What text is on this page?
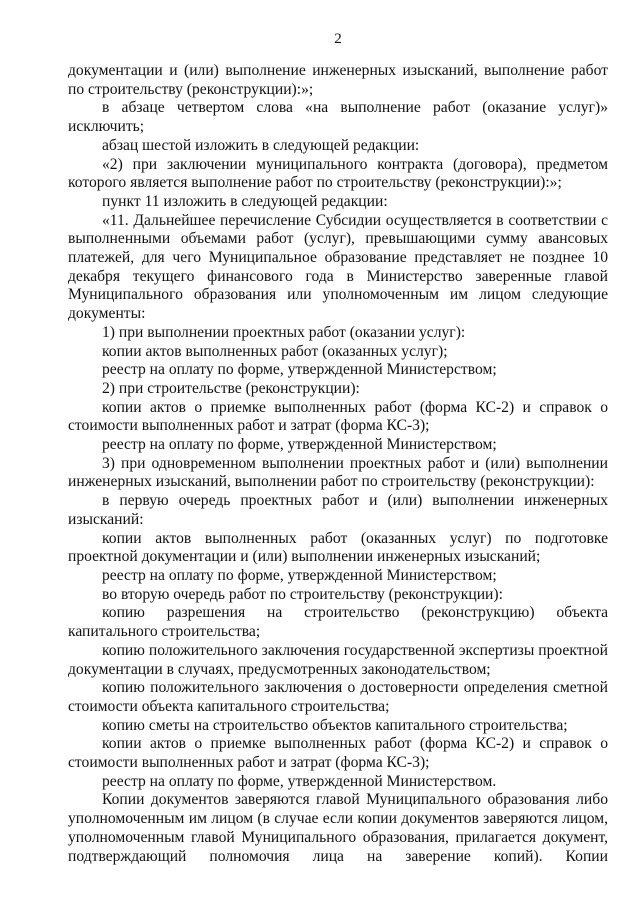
2

документации и (или) выполнение инженерных изысканий, выполнение работ по строительству (реконструкции):»;

в абзаце четвертом слова «на выполнение работ (оказание услуг)» исключить;

абзац шестой изложить в следующей редакции:

«2) при заключении муниципального контракта (договора), предметом которого является выполнение работ по строительству (реконструкции):»;

пункт 11 изложить в следующей редакции:

«11. Дальнейшее перечисление Субсидии осуществляется в соответствии с выполненными объемами работ (услуг), превышающими сумму авансовых платежей, для чего Муниципальное образование представляет не позднее 10 декабря текущего финансового года в Министерство заверенные главой Муниципального образования или уполномоченным им лицом следующие документы:

1) при выполнении проектных работ (оказании услуг):

копии актов выполненных работ (оказанных услуг);

реестр на оплату по форме, утвержденной Министерством;

2) при строительстве (реконструкции):

копии актов о приемке выполненных работ (форма КС-2) и справок о стоимости выполненных работ и затрат (форма КС-3);

реестр на оплату по форме, утвержденной Министерством;

3) при одновременном выполнении проектных работ и (или) выполнении инженерных изысканий, выполнении работ по строительству (реконструкции):

в первую очередь проектных работ и (или) выполнении инженерных изысканий:

копии актов выполненных работ (оказанных услуг) по подготовке проектной документации и (или) выполнении инженерных изысканий;

реестр на оплату по форме, утвержденной Министерством;

во вторую очередь работ по строительству (реконструкции):

копию разрешения на строительство (реконструкцию) объекта капитального строительства;

копию положительного заключения государственной экспертизы проектной документации в случаях, предусмотренных законодательством;

копию положительного заключения о достоверности определения сметной стоимости объекта капитального строительства;

копию сметы на строительство объектов капитального строительства;

копии актов о приемке выполненных работ (форма КС-2) и справок о стоимости выполненных работ и затрат (форма КС-3);

реестр на оплату по форме, утвержденной Министерством.

Копии документов заверяются главой Муниципального образования либо уполномоченным им лицом (в случае если копии документов заверяются лицом, уполномоченным главой Муниципального образования, прилагается документ, подтверждающий полномочия лица на заверение копий). Копии
